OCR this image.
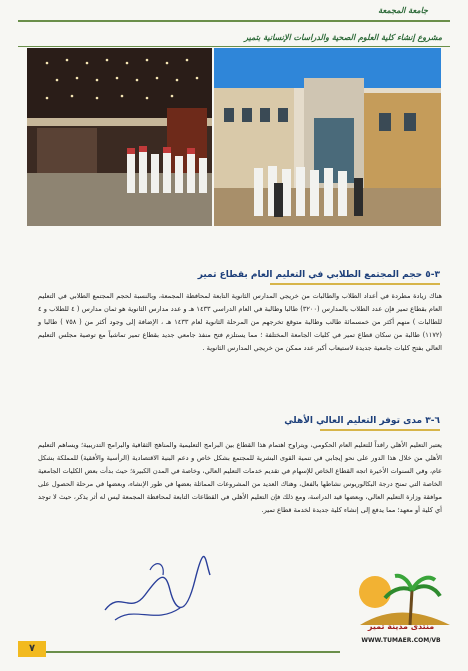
جامعة المجمعة
مشروع إنشاء كلية العلوم الصحية والدراسات الإنسانية بتمير
٣-٥ حجم المجتمع الطلابي في التعليم العام بقطاع تمير
هناك زيادة مطردة في أعداد الطلاب والطالبات من خريجي المدارس الثانوية التابعة لمحافظة المجمعة، وبالنسبة لحجم المجتمع الطلابي في التعليم العام بقطاع تمير فإن عدد الطلاب بالمدارس (٣٢٠٠) طالبا وطالبة في العام الدراسي ١٤٣٣ هـ و عدد مدارس الثانوية هو ثمان مدارس ( ٤ للطلاب و ٤ للطالبات ) منهم أكثر من خمسمائة طالب وطالبة متوقع تخرجهم من المرحلة الثانوية لعام ١٤٣٣ هـ ، الإضافة إلى وجود أكثر من ( ٧٥٨ ) طالبا و (١١٧٢) طالبة من سكان قطاع تمير في كليات الجامعة المختلفة ؛ مما يستلزم فتح منفذ جامعي جديد بقطاع تمير تماشياً مع توصية مجلس التعليم العالي بفتح كليات جامعية جديدة لاستيعاب أكبر عدد ممكن من خريجي المدارس الثانوية .
٦-٣ مدى توفر التعليم العالي الأهلي
يعتبر التعليم الأهلي رافداً للتعليم العام الحكومي، ويتراوح اهتمام هذا القطاع بين البرامج التعليمية والمناهج الثقافية والبرامج التدريبية؛ ويساهم التعليم الأهلي من خلال هذا الدور على نحو إيجابي في تنمية القوى البشرية للمجتمع بشكل خاص و دعم البنية الاقتصادية (الرأسية والأفقية) للمملكة بشكل عام، وفي السنوات الأخيرة اتجه القطاع الخاص للإسهام في تقديم خدمات التعليم العالي، وخاصة في المدن الكبيرة؛ حيث بدأت بعض الكليات الجامعية الخاصة التي تمنح درجة البكالوريوس نشاطها بالفعل، وهناك العديد من المشروعات المماثلة بعضها في طور الإنشاء، وبعضها في مرحلة الحصول على موافقة وزارة التعليم العالي، وبعضها قيد الدراسة، ومع ذلك فإن التعليم الأهلي في القطاعات التابعة لمحافظة المجمعة ليس له أثر يذكر، حيث لا توجد أي كلية أو معهد؛ مما يدفع إلى إنشاء كلية جديدة لخدمة قطاع تمير.
منتدى مدينة تمير
WWW.TUMAER.COM/VB
٧
